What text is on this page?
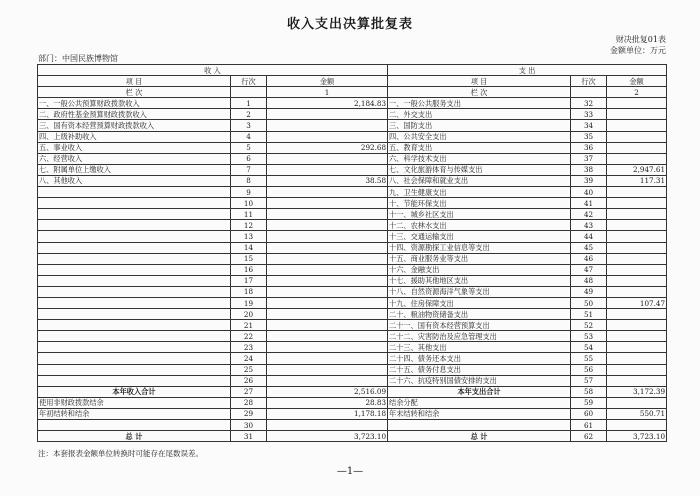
收入支出决算批复表
财决批复01表
金额单位：万元
部门：中国民族博物馆
收 入			支 出		
项 目	行次	金额	项 目	行次	金额
栏 次		1	栏 次		2
一、一般公共预算财政拨款收入	1	2,184.83	一、一般公共服务支出	32	
二、政府性基金预算财政拨款收入	2		二、外交支出	33	
三、国有资本经营预算财政拨款收入	3		三、国防支出	34	
四、上级补助收入	4		四、公共安全支出	35	
五、事业收入	5	292.68	五、教育支出	36	
六、经营收入	6		六、科学技术支出	37	
七、附属单位上缴收入	7		七、文化旅游体育与传媒支出	38	2,947.61
八、其他收入	8	38.58	八、社会保障和就业支出	39	117.31
	9		九、卫生健康支出	40	
	10		十、节能环保支出	41	
	11		十一、城乡社区支出	42	
	12		十二、农林水支出	43	
	13		十三、交通运输支出	44	
	14		十四、资源勘探工业信息等支出	45	
	15		十五、商业服务业等支出	46	
	16		十六、金融支出	47	
	17		十七、援助其他地区支出	48	
	18		十八、自然资源海洋气象等支出	49	
	19		十九、住房保障支出	50	107.47
	20		二十、粮油物资储备支出	51	
	21		二十一、国有资本经营预算支出	52	
	22		二十二、灾害防治及应急管理支出	53	
	23		二十三、其他支出	54	
	24		二十四、债务还本支出	55	
	25		二十五、债务付息支出	56	
	26		二十六、抗疫特别国债安排的支出	57	
本年收入合计	27	2,516.09	本年支出合计	58	3,172.39
使用非财政拨款结余	28	28.83	结余分配	59	
年初结转和结余	29	1,178.18	年末结转和结余	60	550.71
	30			61	
总 计	31	3,723.10	总 计	62	3,723.10
注：本套报表金额单位转换时可能存在尾数误差。
—1—
